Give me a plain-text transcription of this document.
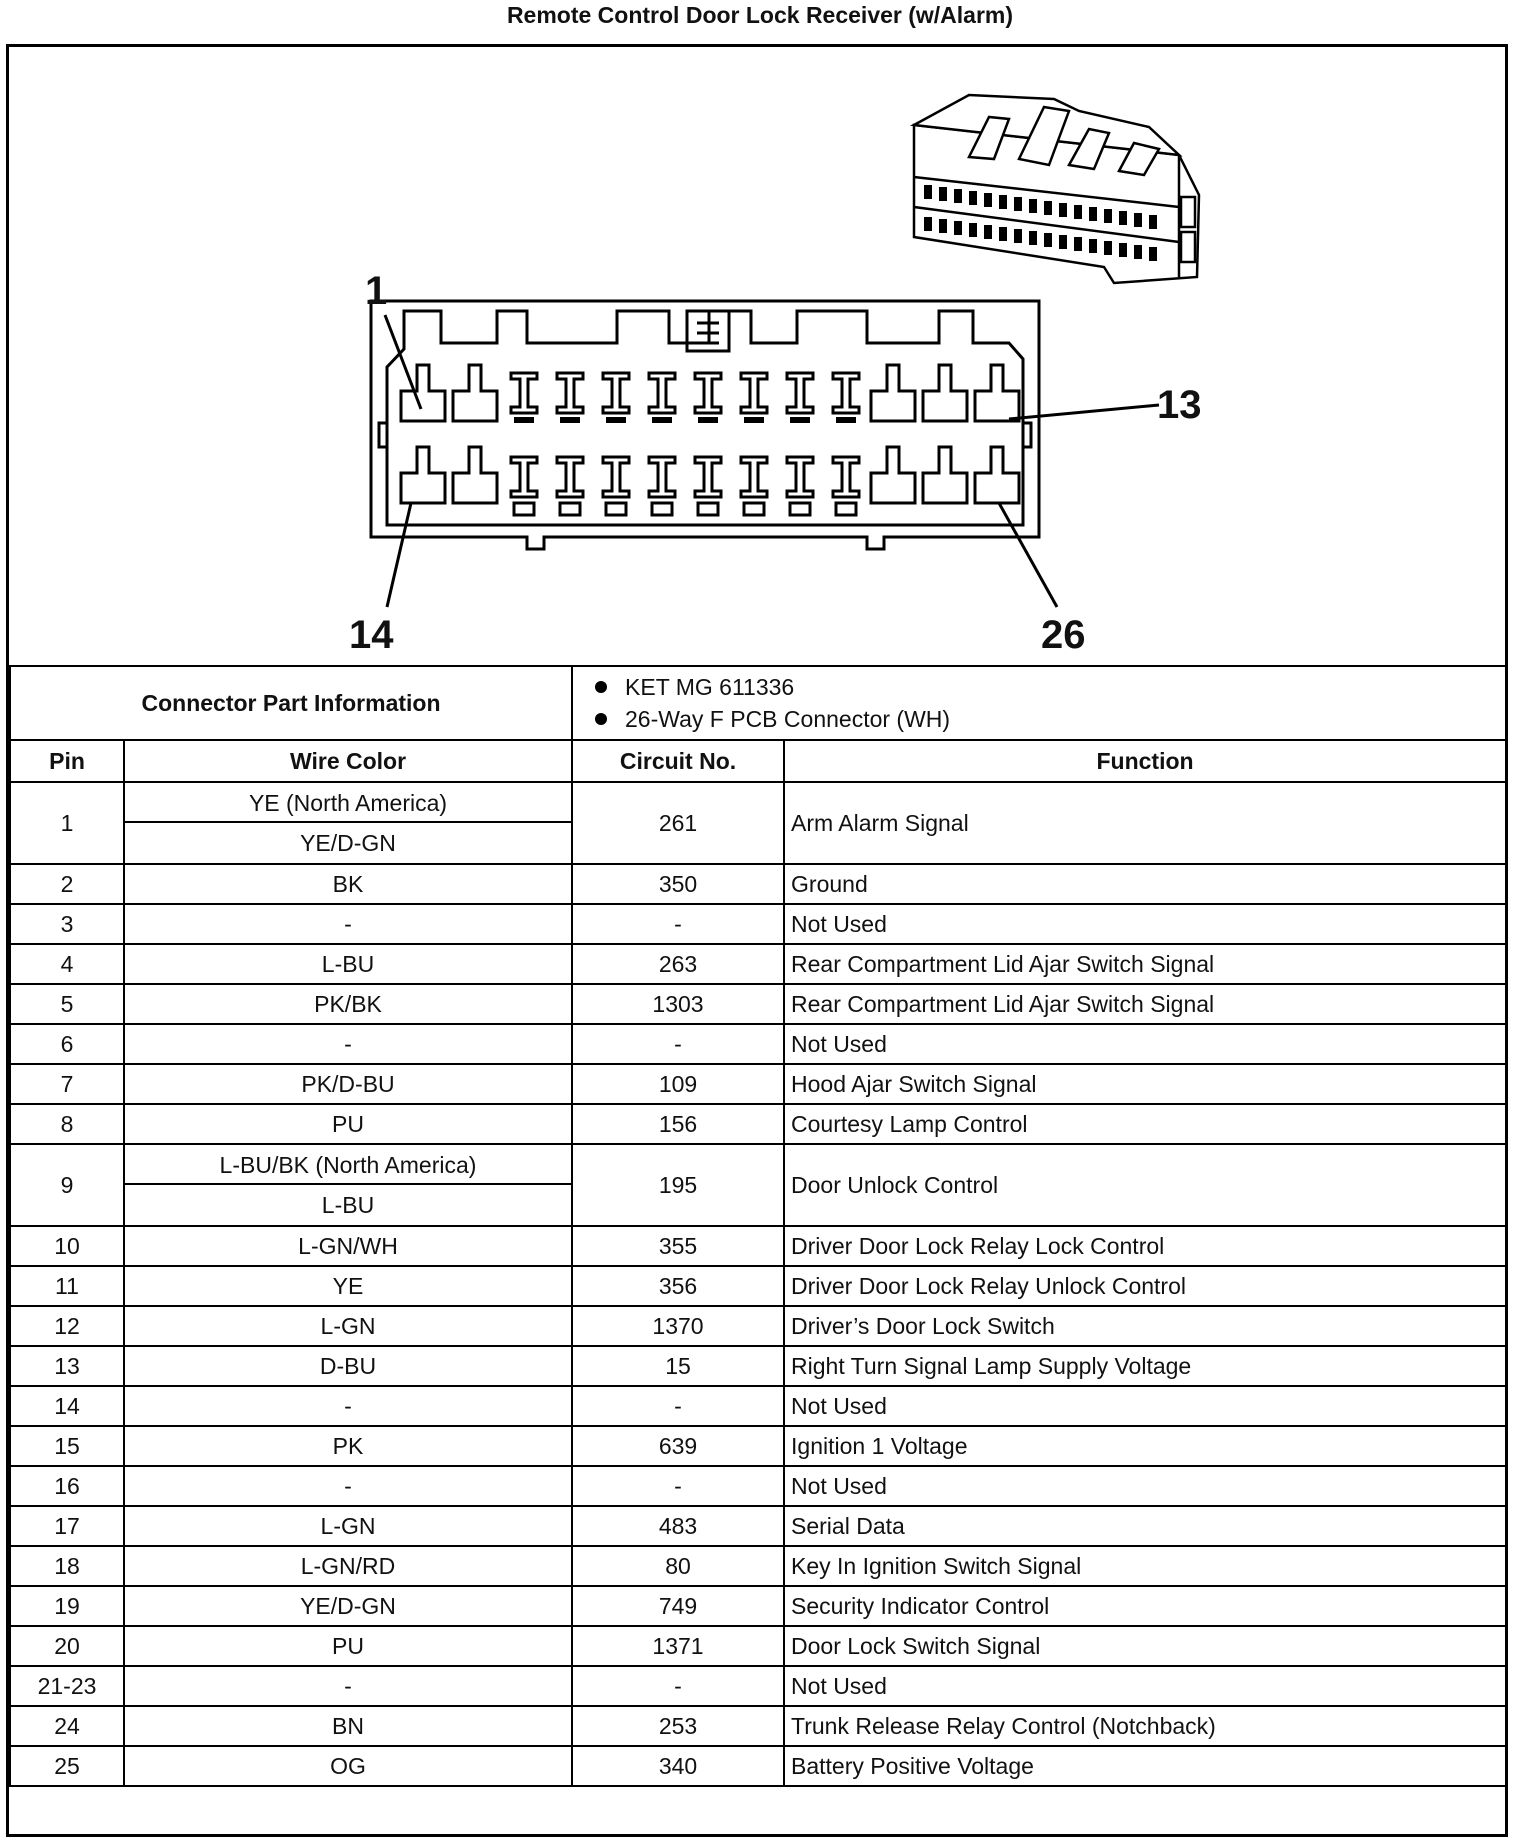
Remote Control Door Lock Receiver (w/Alarm)
1
13
14	26
Connector Part Information		KET MG 611336
26-Way F PCB Connector (WH)	

Pin	Wire Color	Circuit No.	Function
1	YE (North America)
YE/D-GN	261	Arm Alarm Signal
2	BK	350	Ground
3	-	-	Not Used
4	L-BU	263	Rear Compartment Lid Ajar Switch Signal
5	PK/BK	1303	Rear Compartment Lid Ajar Switch Signal
6	-	-	Not Used
7	PK/D-BU	109	Hood Ajar Switch Signal
8	PU	156	Courtesy Lamp Control
9	L-BU/BK (North America)
L-BU	195	Door Unlock Control
10	L-GN/WH	355	Driver Door Lock Relay Lock Control
11	YE	356	Driver Door Lock Relay Unlock Control
12	L-GN	1370	Driver’s Door Lock Switch
13	D-BU	15	Right Turn Signal Lamp Supply Voltage
14	-	-	Not Used
15	PK	639	Ignition 1 Voltage
16	-	-	Not Used
17	L-GN	483	Serial Data
18	L-GN/RD	80	Key In Ignition Switch Signal
19	YE/D-GN	749	Security Indicator Control
20	PU	1371	Door Lock Switch Signal
21-23	-	-	Not Used
24	BN	253	Trunk Release Relay Control (Notchback)
25	OG	340	Battery Positive Voltage
